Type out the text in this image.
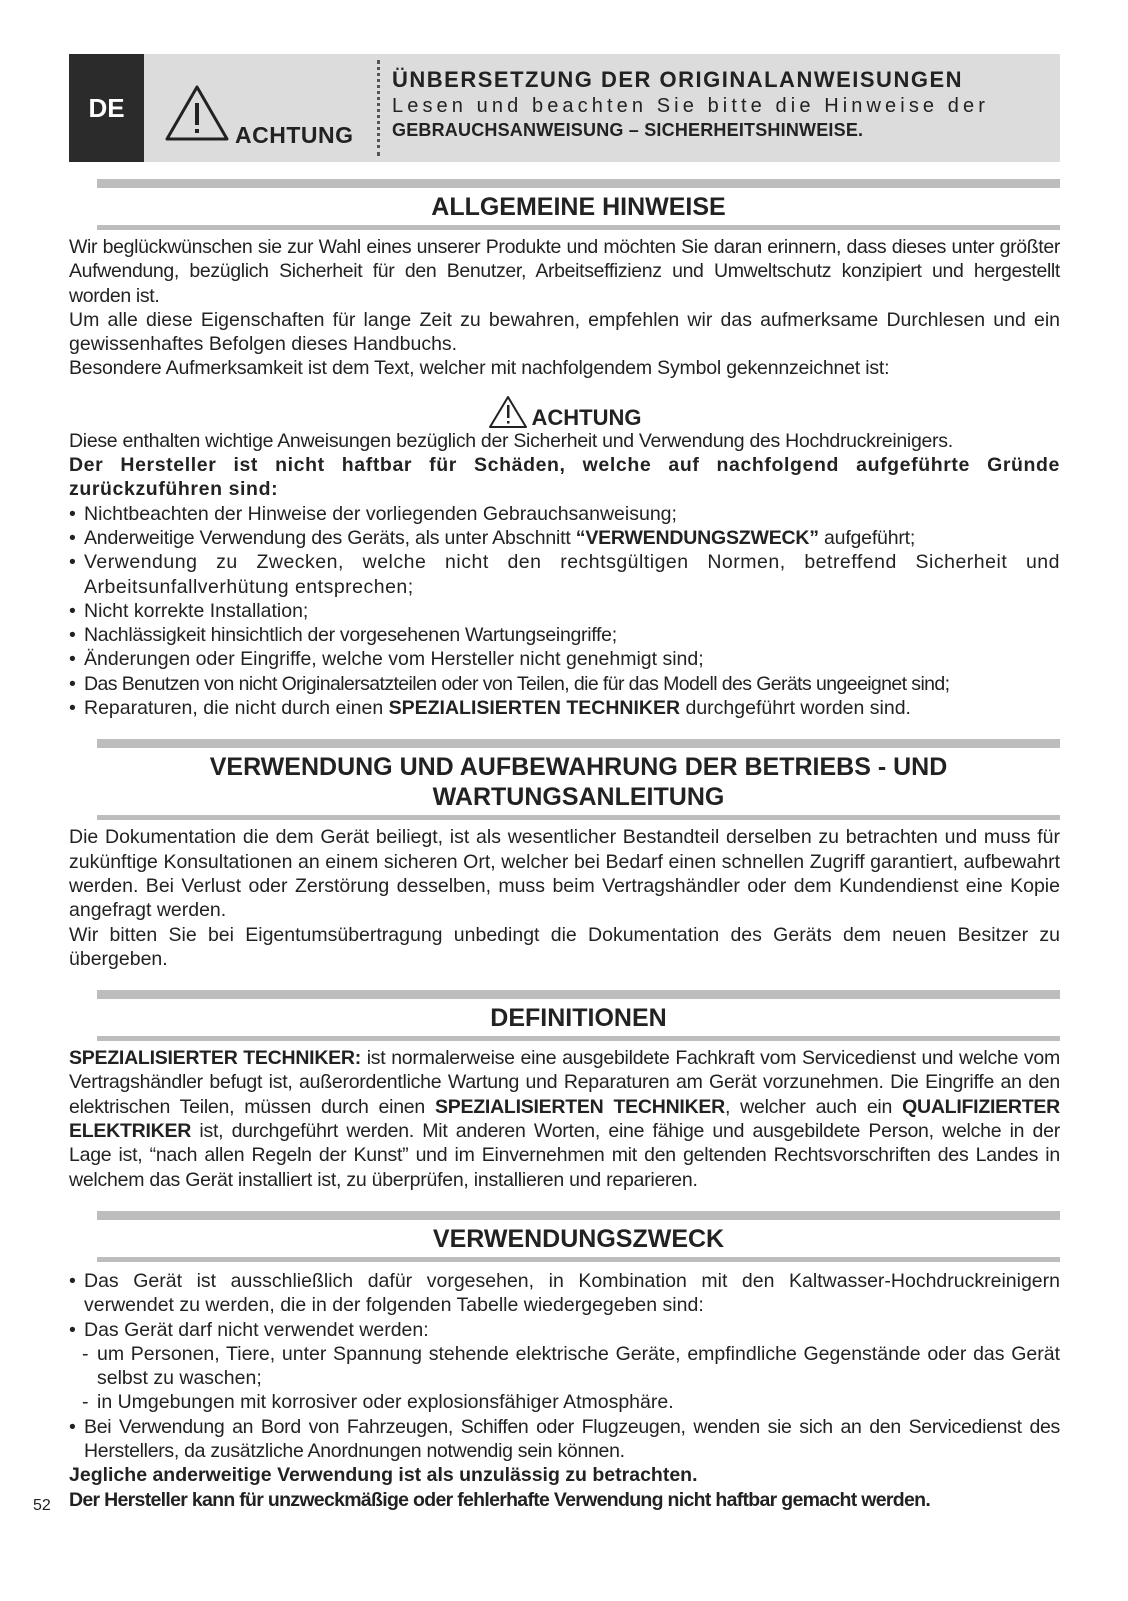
DE
ACHTUNG
ÜNBERSETZUNG DER ORIGINALANWEISUNGEN
Lesen und beachten Sie bitte die Hinweise der
GEBRAUCHSANWEISUNG – SICHERHEITSHINWEISE.
ALLGEMEINE HINWEISE

Wir beglückwünschen sie zur Wahl eines unserer Produkte und möchten Sie daran erinnern, dass dieses unter größter Aufwendung, bezüglich Sicherheit für den Benutzer, Arbeitseffizienz und Umweltschutz konzipiert und hergestellt worden ist.

Um alle diese Eigenschaften für lange Zeit zu bewahren, empfehlen wir das aufmerksame Durchlesen und ein gewissenhaftes Befolgen dieses Handbuchs.

Besondere Aufmerksamkeit ist dem Text, welcher mit nachfolgendem Symbol gekennzeichnet ist:

ACHTUNG

Diese enthalten wichtige Anweisungen bezüglich der Sicherheit und Verwendung des Hochdruckreinigers.

Der Hersteller ist nicht haftbar für Schäden, welche auf nachfolgend aufgeführte Gründe zurückzuführen sind:

• Nichtbeachten der Hinweise der vorliegenden Gebrauchsanweisung;
• Anderweitige Verwendung des Geräts, als unter Abschnitt “VERWENDUNGSZWECK” aufgeführt;
• Verwendung zu Zwecken, welche nicht den rechtsgültigen Normen, betreffend Sicherheit und Arbeitsunfallverhütung entsprechen;
• Nicht korrekte Installation;
• Nachlässigkeit hinsichtlich der vorgesehenen Wartungseingriffe;
• Änderungen oder Eingriffe, welche vom Hersteller nicht genehmigt sind;
• Das Benutzen von nicht Originalersatzteilen oder von Teilen, die für das Modell des Geräts ungeeignet sind;
• Reparaturen, die nicht durch einen SPEZIALISIERTEN TECHNIKER durchgeführt worden sind.
VERWENDUNG UND AUFBEWAHRUNG DER BETRIEBS - UND
WARTUNGSANLEITUNG

Die Dokumentation die dem Gerät beiliegt, ist als wesentlicher Bestandteil derselben zu betrachten und muss für zukünftige Konsultationen an einem sicheren Ort, welcher bei Bedarf einen schnellen Zugriff garantiert, aufbewahrt werden. Bei Verlust oder Zerstörung desselben, muss beim Vertragshändler oder dem Kundendienst eine Kopie angefragt werden.

Wir bitten Sie bei Eigentumsübertragung unbedingt die Dokumentation des Geräts dem neuen Besitzer zu übergeben.

DEFINITIONEN

SPEZIALISIERTER TECHNIKER: ist normalerweise eine ausgebildete Fachkraft vom Servicedienst und welche vom Vertragshändler befugt ist, außerordentliche Wartung und Reparaturen am Gerät vorzunehmen. Die Eingriffe an den elektrischen Teilen, müssen durch einen SPEZIALISIERTEN TECHNIKER, welcher auch ein QUALIFIZIERTER ELEKTRIKER ist, durchgeführt werden. Mit anderen Worten, eine fähige und ausgebildete Person, welche in der Lage ist, “nach allen Regeln der Kunst” und im Einvernehmen mit den geltenden Rechtsvorschriften des Landes in welchem das Gerät installiert ist, zu überprüfen, installieren und reparieren.

VERWENDUNGSZWECK
• Das Gerät ist ausschließlich dafür vorgesehen, in Kombination mit den Kaltwasser-Hochdruckreinigern verwendet zu werden, die in der folgenden Tabelle wiedergegeben sind:
• Das Gerät darf nicht verwendet werden:
- um Personen, Tiere, unter Spannung stehende elektrische Geräte, empfindliche Gegenstände oder das Gerät selbst zu waschen;
- in Umgebungen mit korrosiver oder explosionsfähiger Atmosphäre.
• Bei Verwendung an Bord von Fahrzeugen, Schiffen oder Flugzeugen, wenden sie sich an den Servicedienst des Herstellers, da zusätzliche Anordnungen notwendig sein können.

Jegliche anderweitige Verwendung ist als unzulässig zu betrachten.

Der Hersteller kann für unzweckmäßige oder fehlerhafte Verwendung nicht haftbar gemacht werden.

52
